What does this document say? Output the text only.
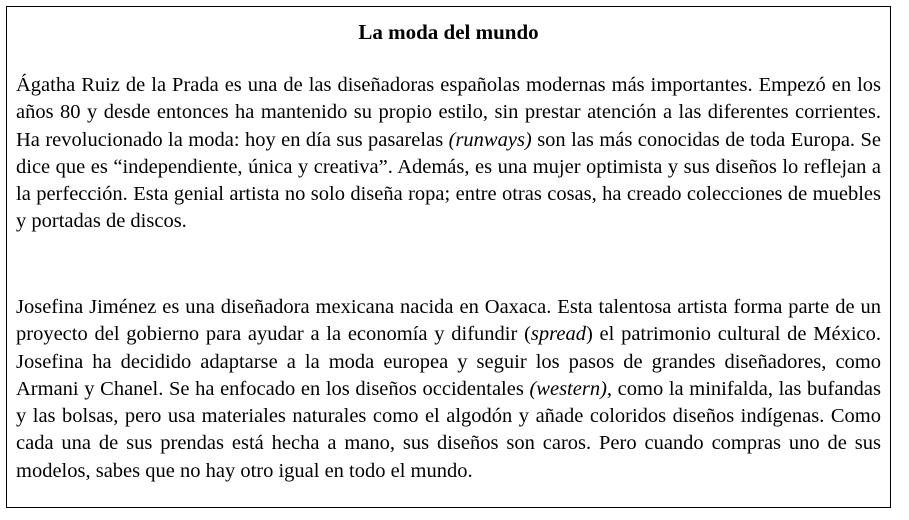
La moda del mundo

Ágatha Ruiz de la Prada es una de las diseñadoras españolas modernas más importantes. Empezó en los años 80 y desde entonces ha mantenido su propio estilo, sin prestar atención a las diferentes corrientes. Ha revolucionado la moda: hoy en día sus pasarelas (runways) son las más conocidas de toda Europa. Se dice que es “independiente, única y creativa”. Además, es una mujer optimista y sus diseños lo reflejan a la perfección. Esta genial artista no solo diseña ropa; entre otras cosas, ha creado colecciones de muebles y portadas de discos.

Josefina Jiménez es una diseñadora mexicana nacida en Oaxaca. Esta talentosa artista forma parte de un proyecto del gobierno para ayudar a la economía y difundir (spread) el patrimonio cultural de México. Josefina ha decidido adaptarse a la moda europea y seguir los pasos de grandes diseñadores, como Armani y Chanel. Se ha enfocado en los diseños occidentales (western), como la minifalda, las bufandas y las bolsas, pero usa materiales naturales como el algodón y añade coloridos diseños indígenas. Como cada una de sus prendas está hecha a mano, sus diseños son caros. Pero cuando compras uno de sus modelos, sabes que no hay otro igual en todo el mundo.
